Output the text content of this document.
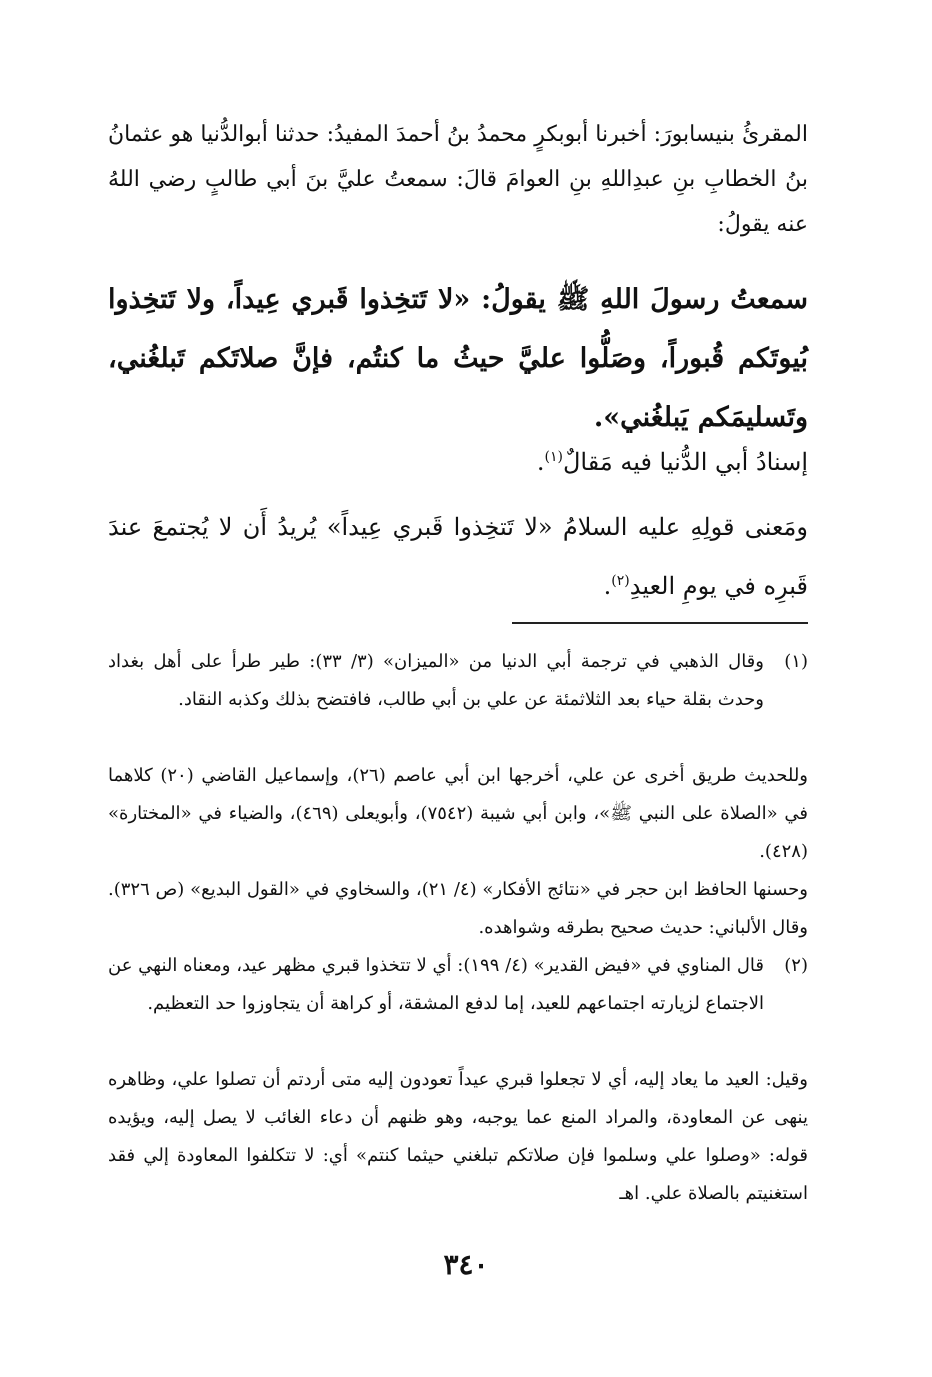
المقرئُ بنيسابورَ: أخبرنا أبوبكرٍ محمدُ بنُ أحمدَ المفيدُ: حدثنا أبوالدُّنيا هو عثمانُ بنُ الخطابِ بنِ عبدِاللهِ بنِ العوامَ قالَ: سمعتُ عليَّ بنَ أبي طالبٍ رضي اللهُ عنه يقولُ:

سمعتُ رسولَ اللهِ ﷺ يقولُ: «لا تَتخِذوا قَبري عِيداً، ولا تَتخِذوا بُيوتَكم قُبوراً، وصَلُّوا عليَّ حيثُ ما كنتُم، فإنَّ صلاتَكم تَبلغُني، وتَسليمَكم يَبلغُني».

إسنادُ أبي الدُّنيا فيه مَقالٌ$^{(١)}$.

ومَعنى قولِهِ عليه السلامُ «لا تَتخِذوا قَبري عِيداً» يُريدُ أَن لا يُجتمعَ عندَ قَبرِه في يومِ العيدِ$^{(٢)}$.

(١)

وقال الذهبي في ترجمة أبي الدنيا من «الميزان» (٣/ ٣٣): طير طرأ على أهل بغداد وحدث بقلة حياء بعد الثلاثمئة عن علي بن أبي طالب، فافتضح بذلك وكذبه النقاد.

وللحديث طريق أخرى عن علي، أخرجها ابن أبي عاصم (٢٦)، وإسماعيل القاضي (٢٠) كلاهما في «الصلاة على النبي ﷺ»، وابن أبي شيبة (٧٥٤٢)، وأبويعلى (٤٦٩)، والضياء في «المختارة» (٤٢٨).

وحسنها الحافظ ابن حجر في «نتائج الأفكار» (٤/ ٢١)، والسخاوي في «القول البديع» (ص ٣٢٦). وقال الألباني: حديث صحيح بطرقه وشواهده.

(٢)

قال المناوي في «فيض القدير» (٤/ ١٩٩): أي لا تتخذوا قبري مظهر عيد، ومعناه النهي عن الاجتماع لزيارته اجتماعهم للعيد، إما لدفع المشقة، أو كراهة أن يتجاوزوا حد التعظيم.

وقيل: العيد ما يعاد إليه، أي لا تجعلوا قبري عيداً تعودون إليه متى أردتم أن تصلوا علي، وظاهره ينهى عن المعاودة، والمراد المنع عما يوجبه، وهو ظنهم أن دعاء الغائب لا يصل إليه، ويؤيده قوله: «وصلوا علي وسلموا فإن صلاتكم تبلغني حيثما كنتم» أي: لا تتكلفوا المعاودة إلي فقد استغنيتم بالصلاة علي. اهـ

٣٤٠
